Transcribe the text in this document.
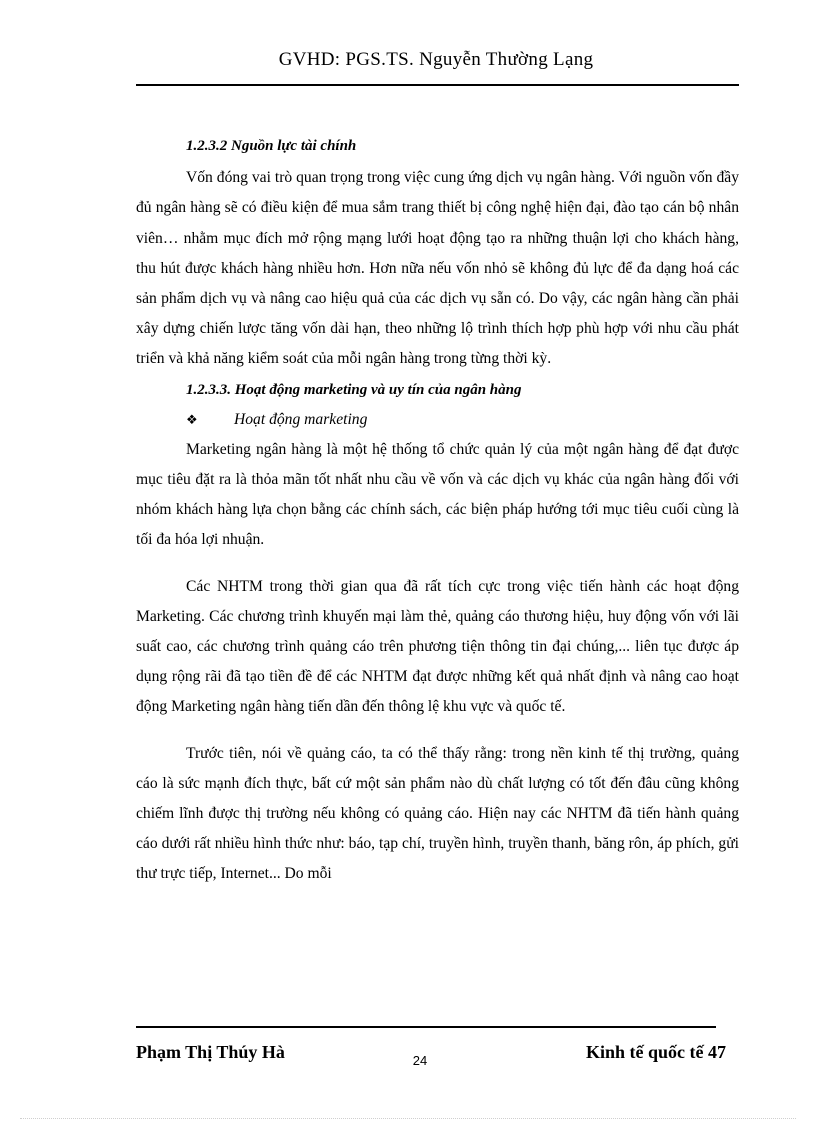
GVHD: PGS.TS. Nguyễn Thường Lạng
1.2.3.2 Nguồn lực tài chính

Vốn đóng vai trò quan trọng trong việc cung ứng dịch vụ ngân hàng. Với nguồn vốn đầy đủ ngân hàng sẽ có điều kiện để mua sắm trang thiết bị công nghệ hiện đại, đào tạo cán bộ nhân viên… nhằm mục đích mở rộng mạng lưới hoạt động tạo ra những thuận lợi cho khách hàng, thu hút được khách hàng nhiều hơn. Hơn nữa nếu vốn nhỏ sẽ không đủ lực để đa dạng hoá các sản phẩm dịch vụ và nâng cao hiệu quả của các dịch vụ sẵn có. Do vậy, các ngân hàng cần phải xây dựng chiến lược tăng vốn dài hạn, theo những lộ trình thích hợp phù hợp với nhu cầu phát triển và khả năng kiểm soát của mỗi ngân hàng trong từng thời kỳ.

1.2.3.3. Hoạt động marketing và uy tín của ngân hàng
❖	Hoạt động marketing

Marketing ngân hàng là một hệ thống tổ chức quản lý của một ngân hàng để đạt được mục tiêu đặt ra là thỏa mãn tốt nhất nhu cầu về vốn và các dịch vụ khác của ngân hàng đối với nhóm khách hàng lựa chọn bằng các chính sách, các biện pháp hướng tới mục tiêu cuối cùng là tối đa hóa lợi nhuận.

Các NHTM trong thời gian qua đã rất tích cực trong việc tiến hành các hoạt động Marketing. Các chương trình khuyến mại làm thẻ, quảng cáo thương hiệu, huy động vốn với lãi suất cao, các chương trình quảng cáo trên phương tiện thông tin đại chúng,... liên tục được áp dụng rộng rãi đã tạo tiền đề để các NHTM đạt được những kết quả nhất định và nâng cao hoạt động Marketing ngân hàng tiến dần đến thông lệ khu vực và quốc tế.

Trước tiên, nói về quảng cáo, ta có thể thấy rằng: trong nền kinh tế thị trường, quảng cáo là sức mạnh đích thực, bất cứ một sản phẩm nào dù chất lượng có tốt đến đâu cũng không chiếm lĩnh được thị trường nếu không có quảng cáo. Hiện nay các NHTM đã tiến hành quảng cáo dưới rất nhiều hình thức như: báo, tạp chí, truyền hình, truyền thanh, băng rôn, áp phích, gửi thư trực tiếp, Internet... Do mỗi

Phạm Thị Thúy Hà	24	Kinh tế quốc tế 47
